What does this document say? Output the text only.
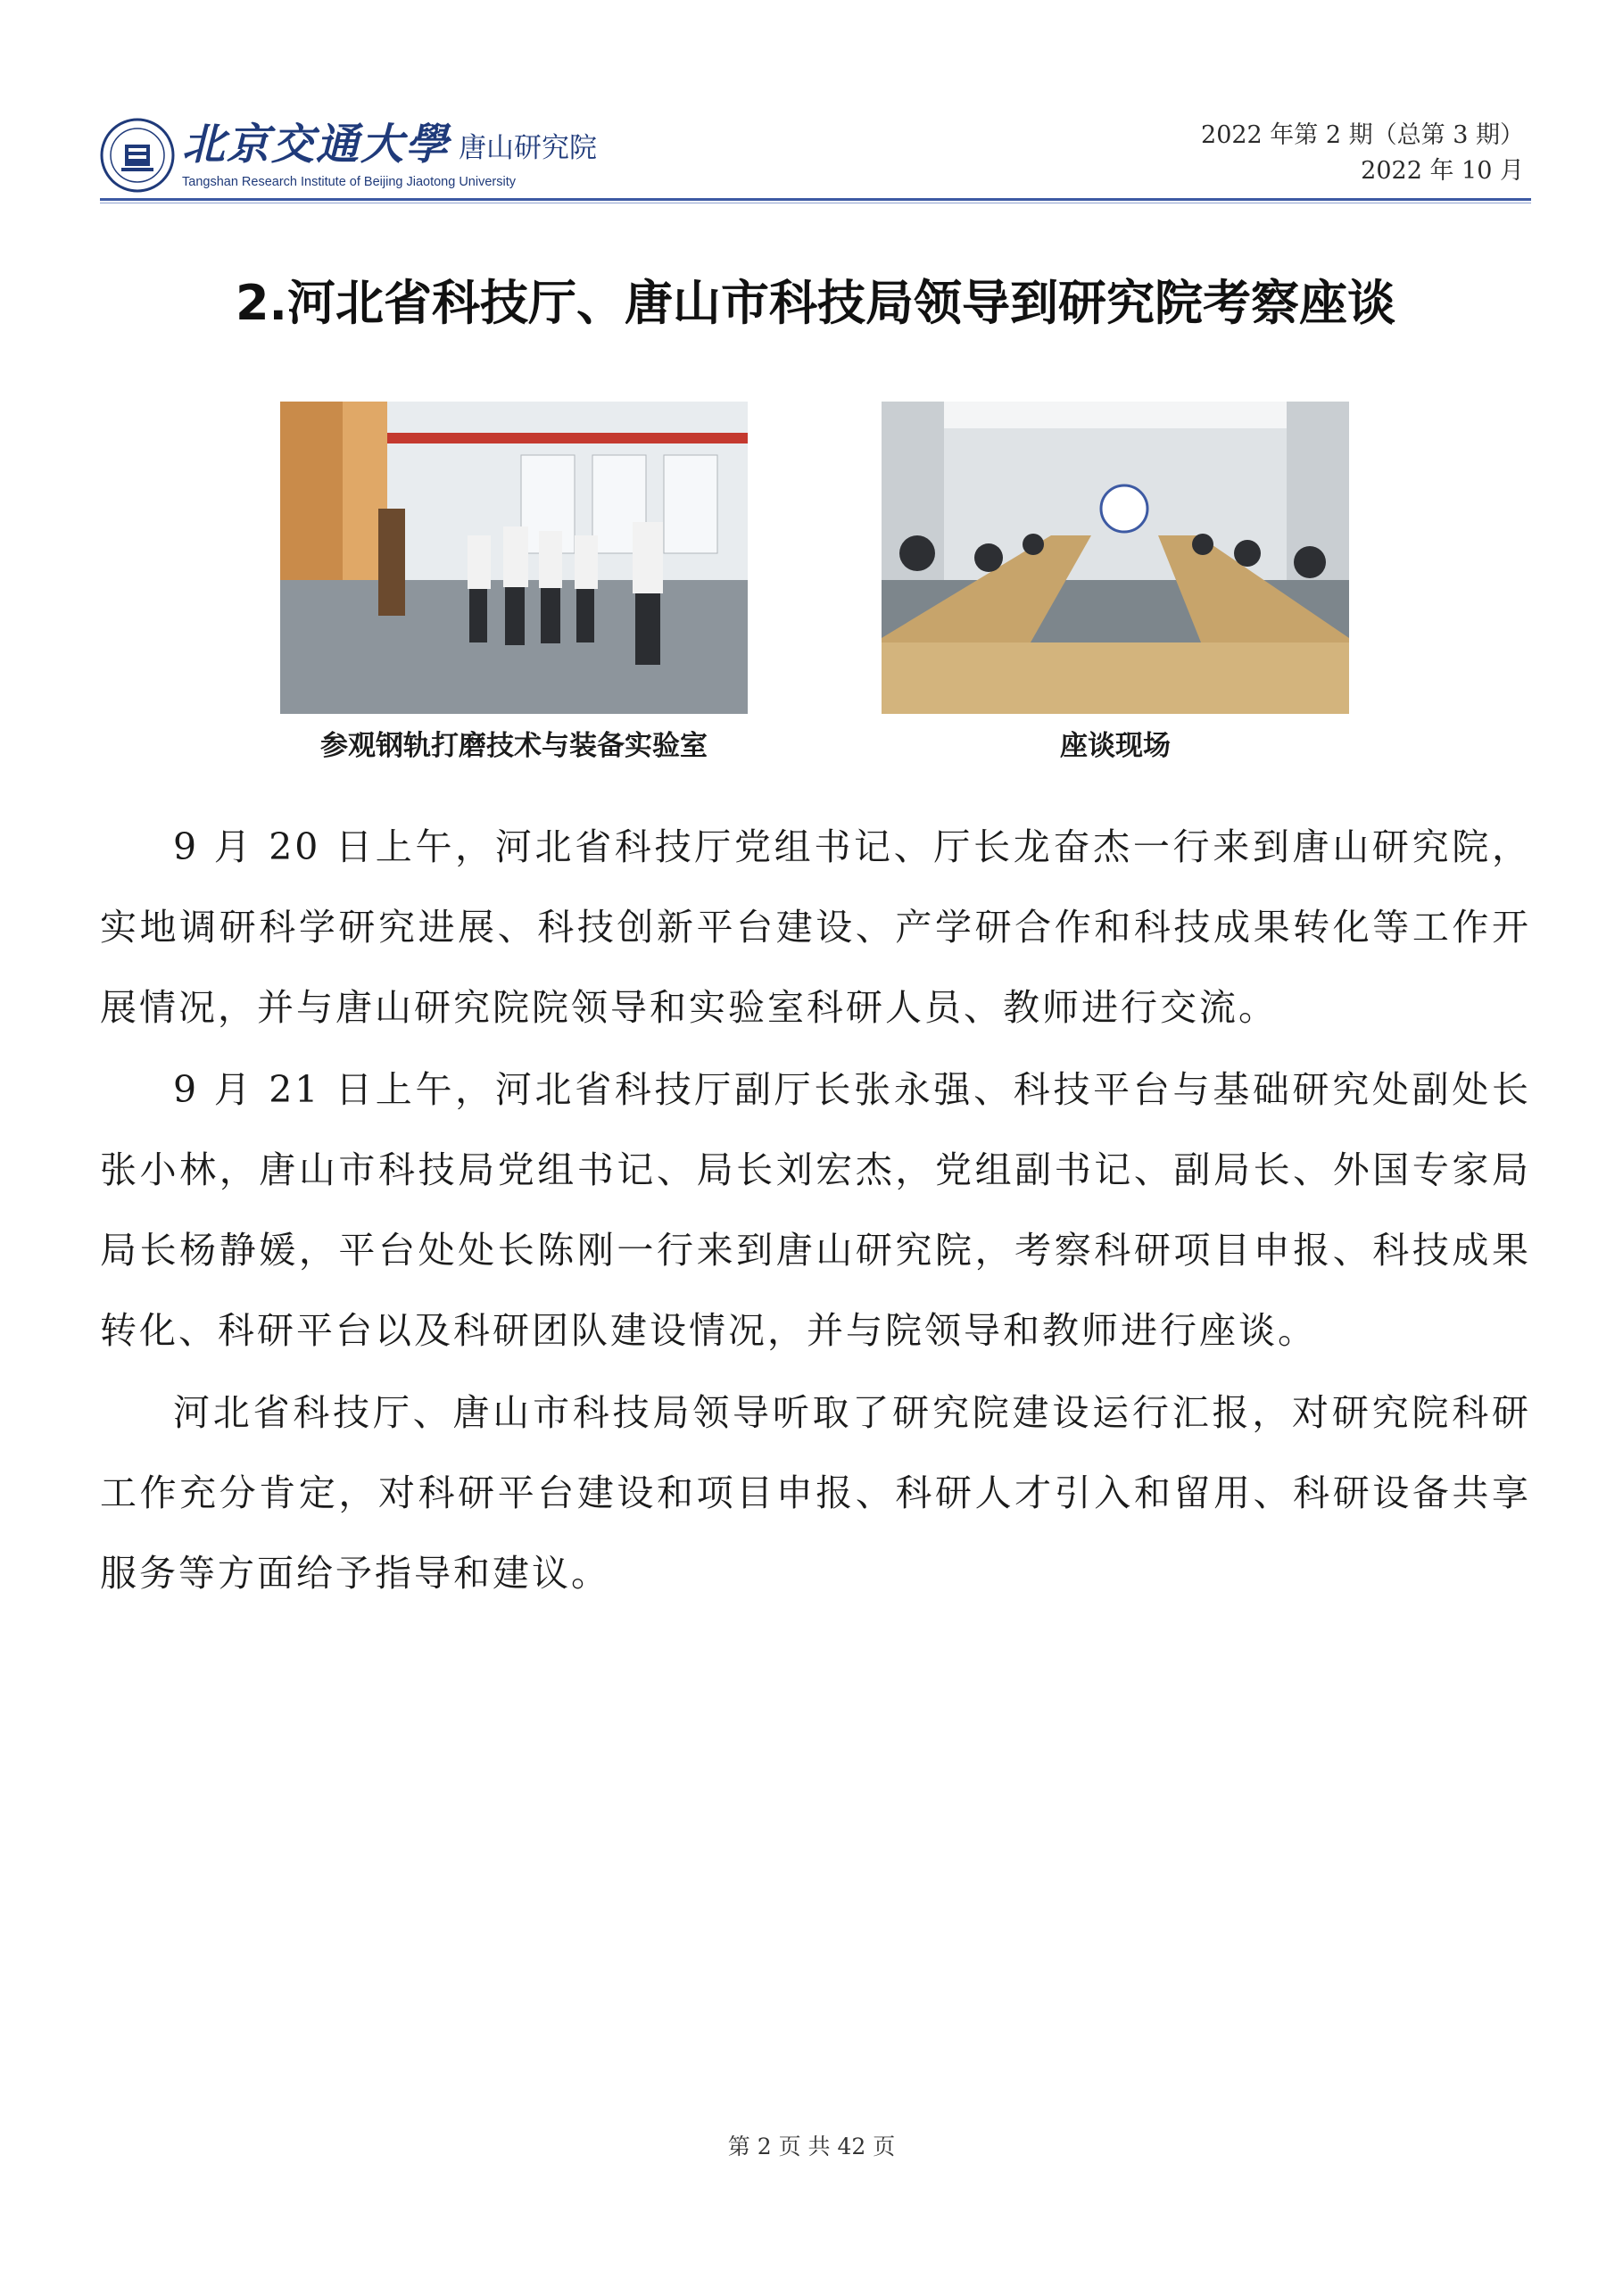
北京交通大學 唐山研究院
Tangshan Research Institute of Beijing Jiaotong University
2022 年第 2 期（总第 3 期）
2022 年 10 月
2.河北省科技厅、唐山市科技局领导到研究院考察座谈
参观钢轨打磨技术与装备实验室	座谈现场

9 月 20 日上午，河北省科技厅党组书记、厅长龙奋杰一行来到唐山研究院，实地调研科学研究进展、科技创新平台建设、产学研合作和科技成果转化等工作开展情况，并与唐山研究院院领导和实验室科研人员、教师进行交流。

9 月 21 日上午，河北省科技厅副厅长张永强、科技平台与基础研究处副处长张小林，唐山市科技局党组书记、局长刘宏杰，党组副书记、副局长、外国专家局局长杨静媛，平台处处长陈刚一行来到唐山研究院，考察科研项目申报、科技成果转化、科研平台以及科研团队建设情况，并与院领导和教师进行座谈。

河北省科技厅、唐山市科技局领导听取了研究院建设运行汇报，对研究院科研工作充分肯定，对科研平台建设和项目申报、科研人才引入和留用、科研设备共享服务等方面给予指导和建议。

第 2 页 共 42 页
